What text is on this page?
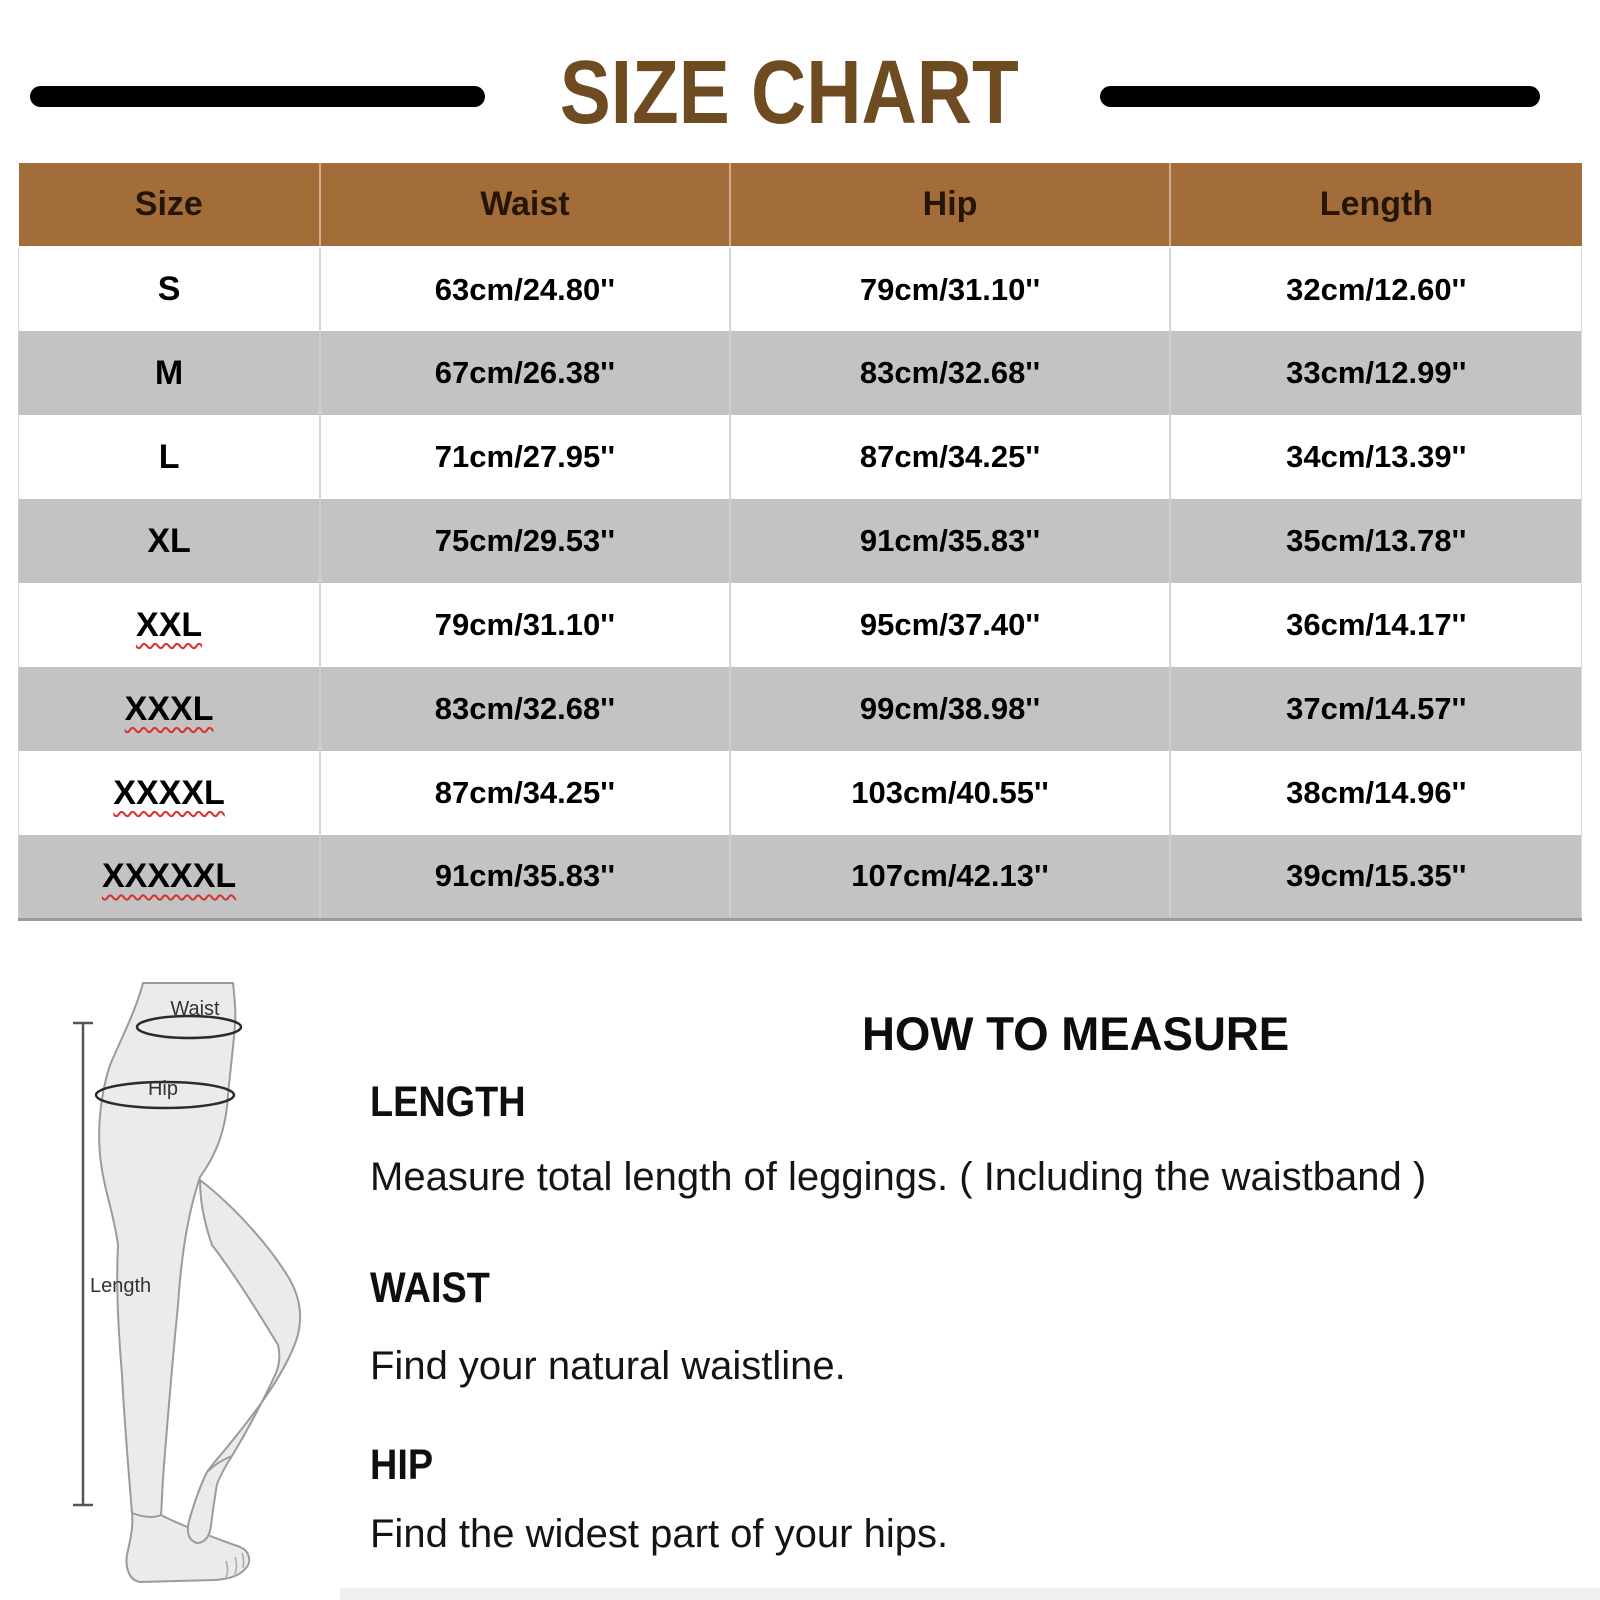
SIZE CHART
Size	Waist	Hip	Length
S	63cm/24.80''	79cm/31.10''	32cm/12.60''
M	67cm/26.38''	83cm/32.68''	33cm/12.99''
L	71cm/27.95''	87cm/34.25''	34cm/13.39''
XL	75cm/29.53''	91cm/35.83''	35cm/13.78''
XXL	79cm/31.10''	95cm/37.40''	36cm/14.17''
XXXL	83cm/32.68''	99cm/38.98''	37cm/14.57''
XXXXL	87cm/34.25''	103cm/40.55''	38cm/14.96''
XXXXXL	91cm/35.83''	107cm/42.13''	39cm/15.35''
Waist
Hip
Length
HOW TO MEASURE
LENGTH

Measure total length of leggings. ( Including the waistband )

WAIST

Find your natural waistline.

HIP

Find the widest part of your hips.
